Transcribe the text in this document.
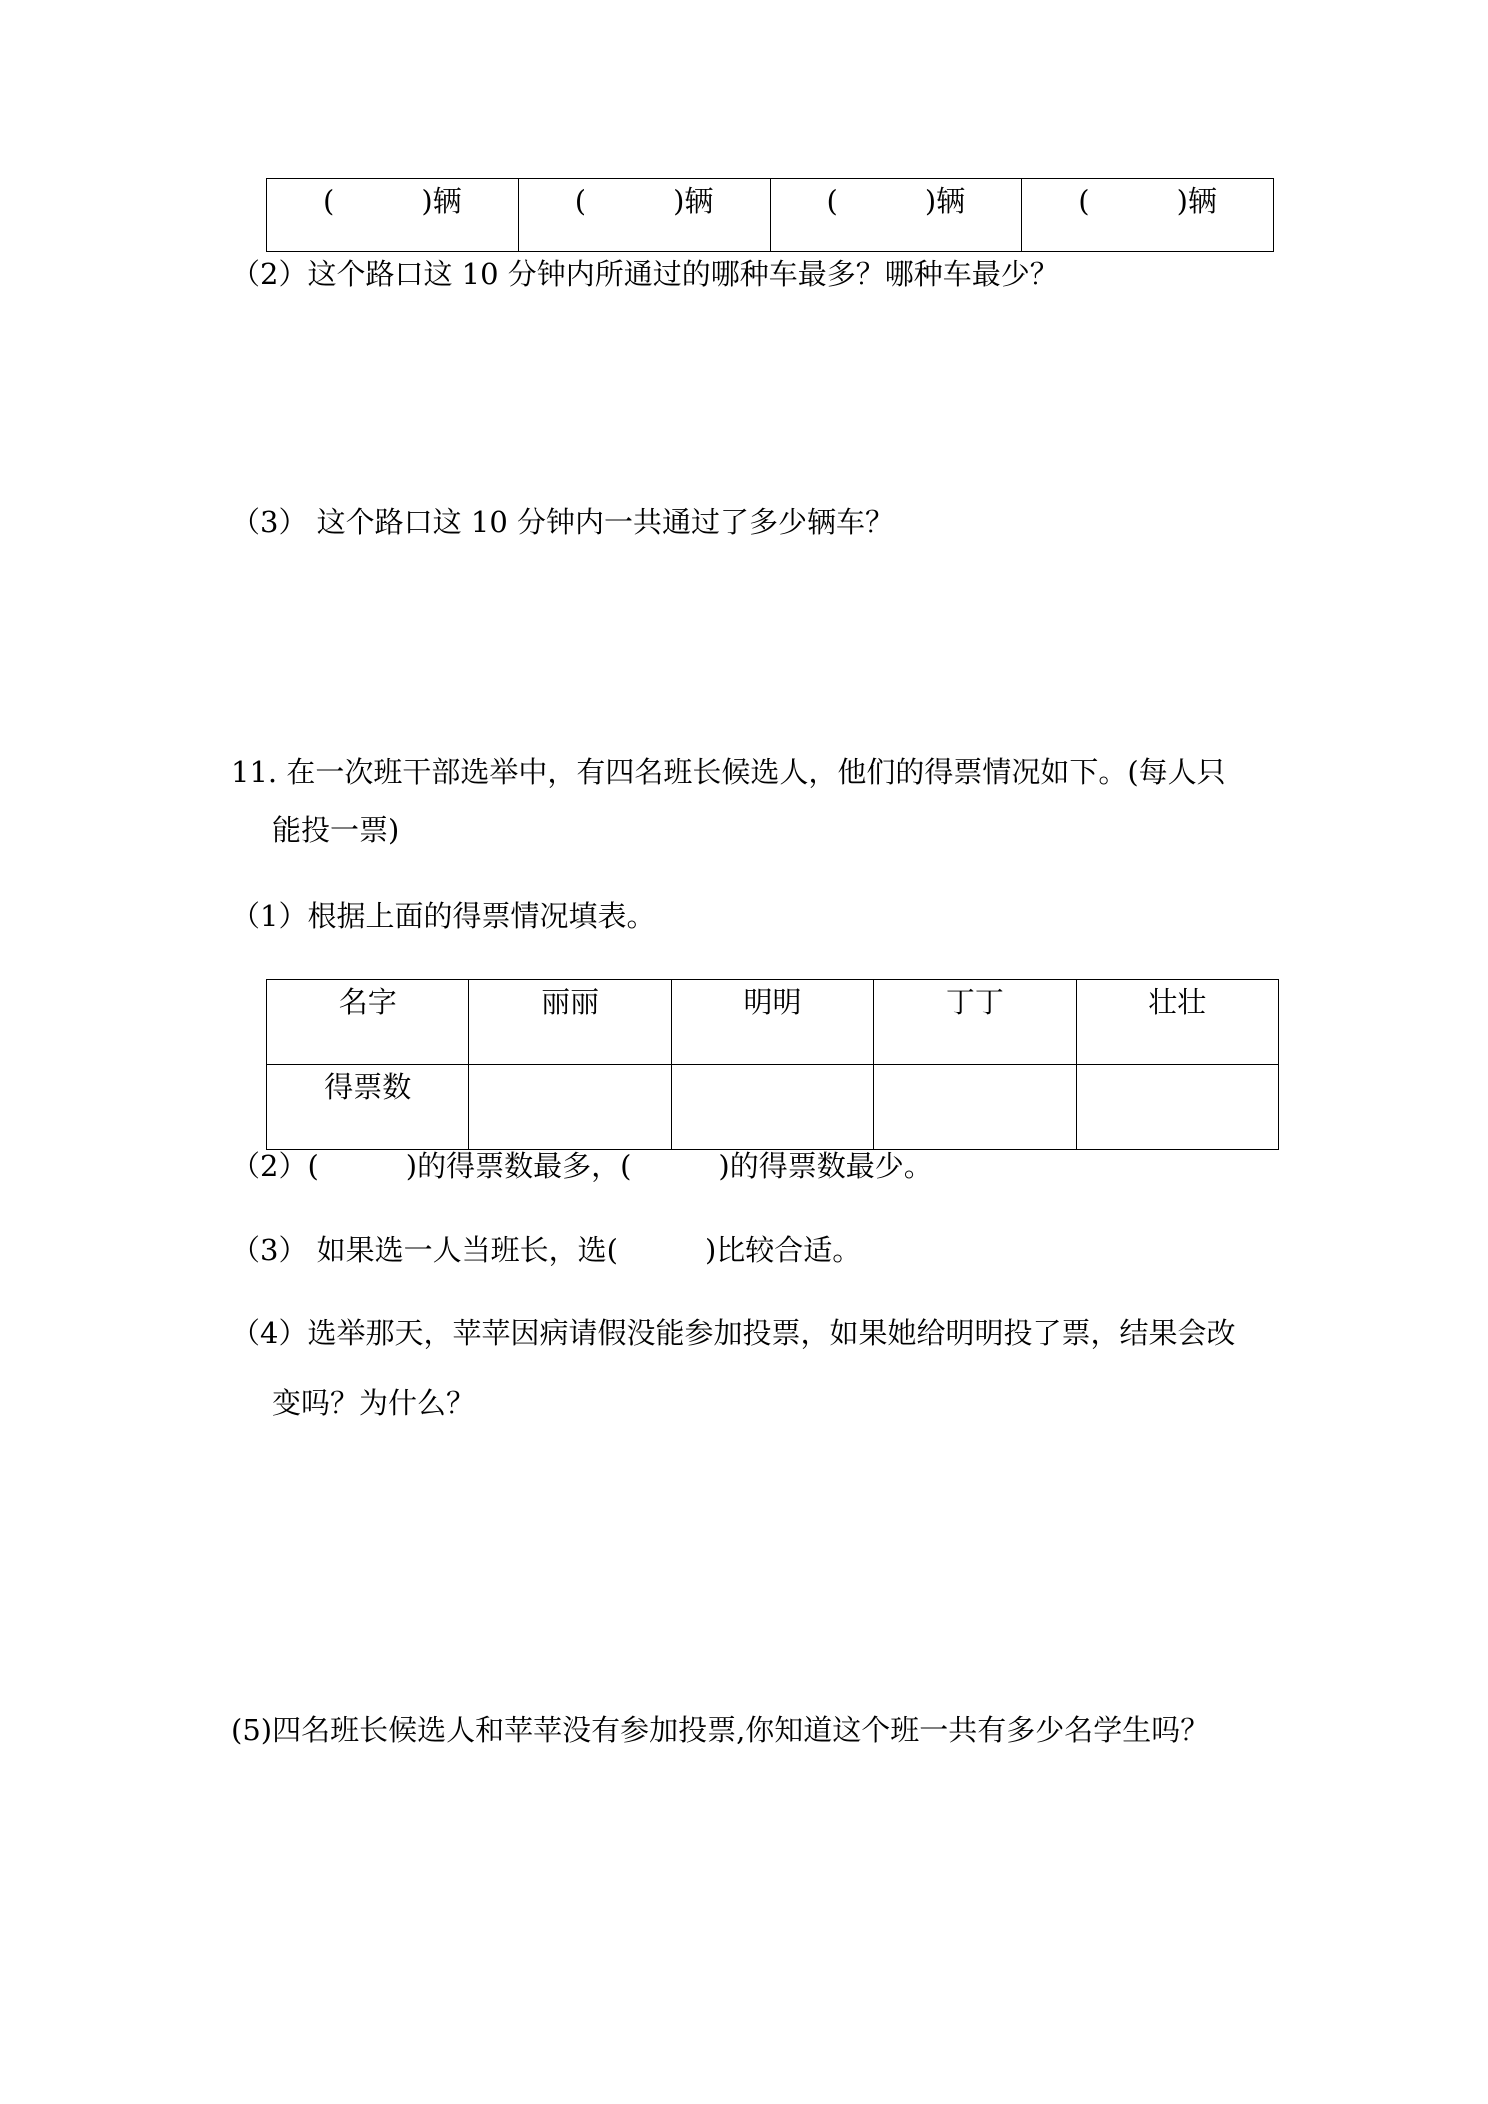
(　　　)辆	(　　　)辆	(　　　)辆	(　　　)辆

（2）这个路口这 10 分钟内所通过的哪种车最多？哪种车最少？

（3） 这个路口这 10 分钟内一共通过了多少辆车？

11. 在一次班干部选举中，有四名班长候选人，他们的得票情况如下。(每人只

能投一票)

（1）根据上面的得票情况填表。

名字	丽丽	明明	丁丁	壮壮
得票数				

（2）(　　　)的得票数最多，(　　　)的得票数最少。

（3） 如果选一人当班长，选(　　　)比较合适。

（4）选举那天，苹苹因病请假没能参加投票，如果她给明明投了票，结果会改

变吗？为什么？

(5)四名班长候选人和苹苹没有参加投票,你知道这个班一共有多少名学生吗？
